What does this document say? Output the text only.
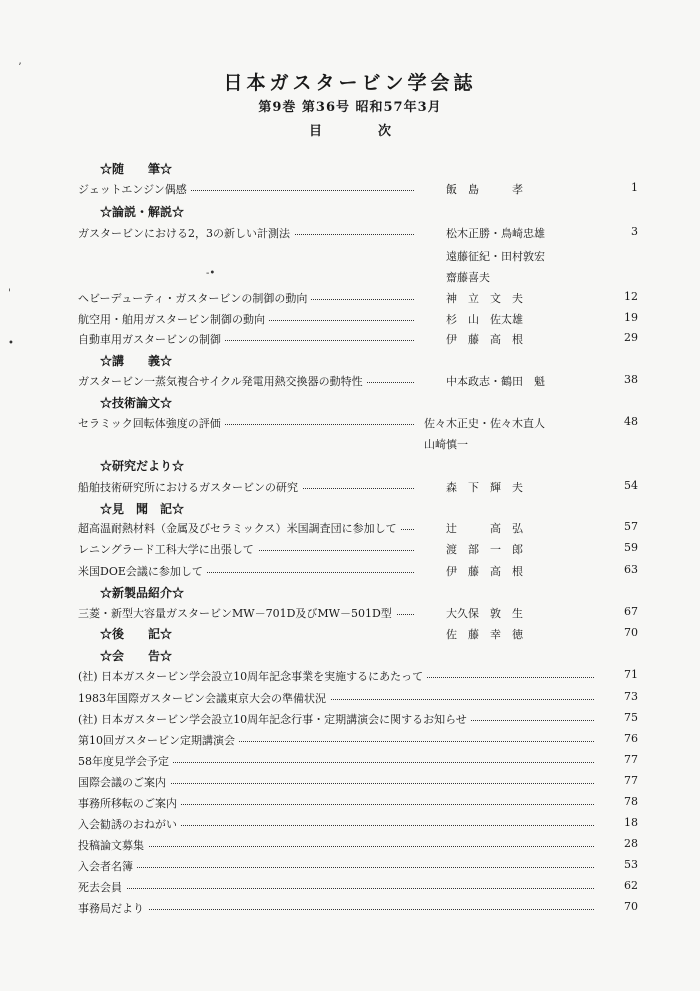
日本ガスタービン学会誌
第9巻 第36号 昭和57年3月
目	次
ʼ
-•
'
•
☆随　　筆☆
ジェットエンジン偶感	飯　島　　　孝	1
☆論説・解説☆
ガスタービンにおける2，3の新しい計測法	松木正勝・鳥崎忠雄	3
遠藤征紀・田村敦宏
齋藤喜夫
ヘビーデューティ・ガスタービンの制御の動向	神　立　文　夫	12
航空用・舶用ガスタービン制御の動向	杉　山　佐太雄	19
自動車用ガスタービンの制御	伊　藤　高　根	29
☆講　　義☆
ガスタービン一蒸気複合サイクル発電用熱交換器の動特性	中本政志・鶴田　魁	38
☆技術論文☆
セラミック回転体強度の評価	佐々木正史・佐々木直人	48
山崎慎一
☆研究だより☆
船舶技術研究所におけるガスタービンの研究	森　下　輝　夫	54
☆見　聞　記☆
超高温耐熱材料（金属及びセラミックス）米国調査団に参加して	辻　　　高　弘	57
レニングラード工科大学に出張して	渡　部　一　郎	59
米国DOE会議に参加して	伊　藤　高　根	63
☆新製品紹介☆
三菱・新型大容量ガスタービンMW－701D及びMW－501D型	大久保　敦　生	67
☆後　　記☆	佐　藤　幸　徳	70
☆会　　告☆
(社) 日本ガスタービン学会設立10周年記念事業を実施するにあたって	71
1983年国際ガスタービン会議東京大会の準備状況	73
(社) 日本ガスタービン学会設立10周年記念行事・定期講演会に関するお知らせ	75
第10回ガスタービン定期講演会	76
58年度見学会予定	77
国際会議のご案内	77
事務所移転のご案内	78
入会勧誘のおねがい	18
投稿論文募集	28
入会者名簿	53
死去会員	62
事務局だより	70
